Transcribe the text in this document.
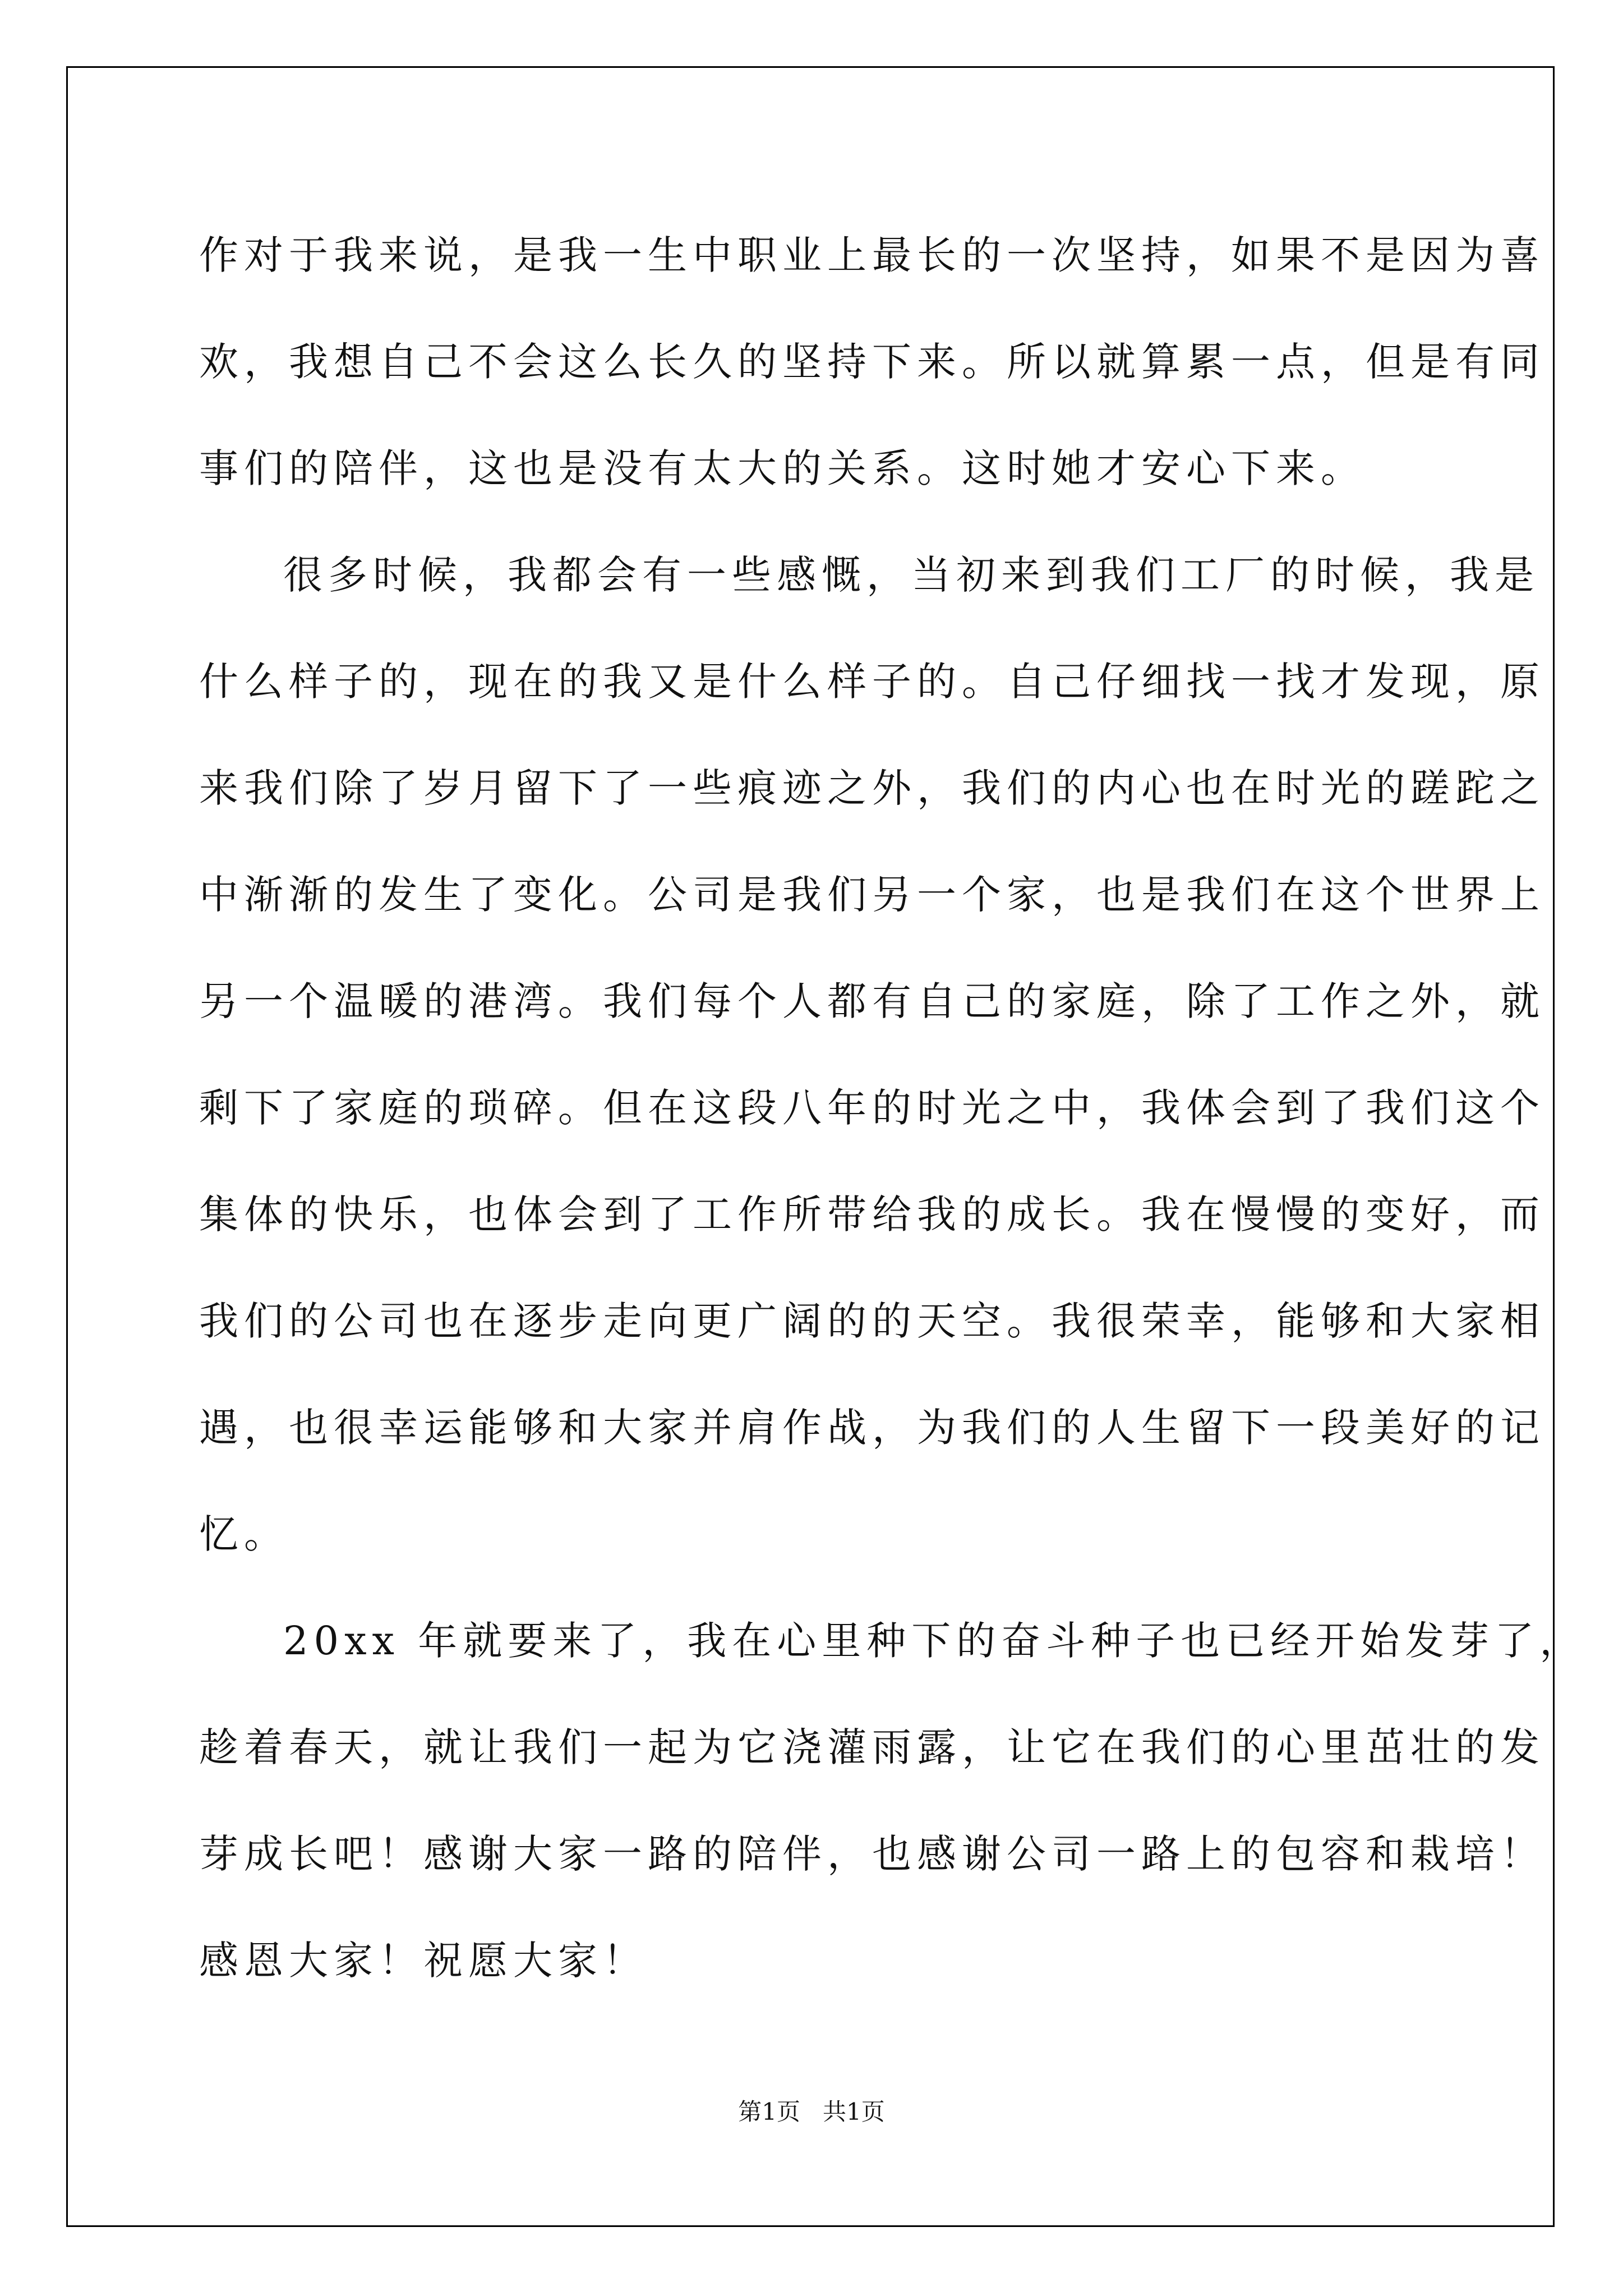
作对于我来说，是我一生中职业上最长的一次坚持，如果不是因为喜
欢，我想自己不会这么长久的坚持下来。所以就算累一点，但是有同
事们的陪伴，这也是没有太大的关系。这时她才安心下来。
很多时候，我都会有一些感慨，当初来到我们工厂的时候，我是
什么样子的，现在的我又是什么样子的。自己仔细找一找才发现，原
来我们除了岁月留下了一些痕迹之外，我们的内心也在时光的蹉跎之
中渐渐的发生了变化。公司是我们另一个家，也是我们在这个世界上
另一个温暖的港湾。我们每个人都有自己的家庭，除了工作之外，就
剩下了家庭的琐碎。但在这段八年的时光之中，我体会到了我们这个
集体的快乐，也体会到了工作所带给我的成长。我在慢慢的变好，而
我们的公司也在逐步走向更广阔的的天空。我很荣幸，能够和大家相
遇，也很幸运能够和大家并肩作战，为我们的人生留下一段美好的记
忆。
20xx 年就要来了，我在心里种下的奋斗种子也已经开始发芽了，
趁着春天，就让我们一起为它浇灌雨露，让它在我们的心里茁壮的发
芽成长吧！感谢大家一路的陪伴，也感谢公司一路上的包容和栽培！
感恩大家！祝愿大家！
第1页   共1页
